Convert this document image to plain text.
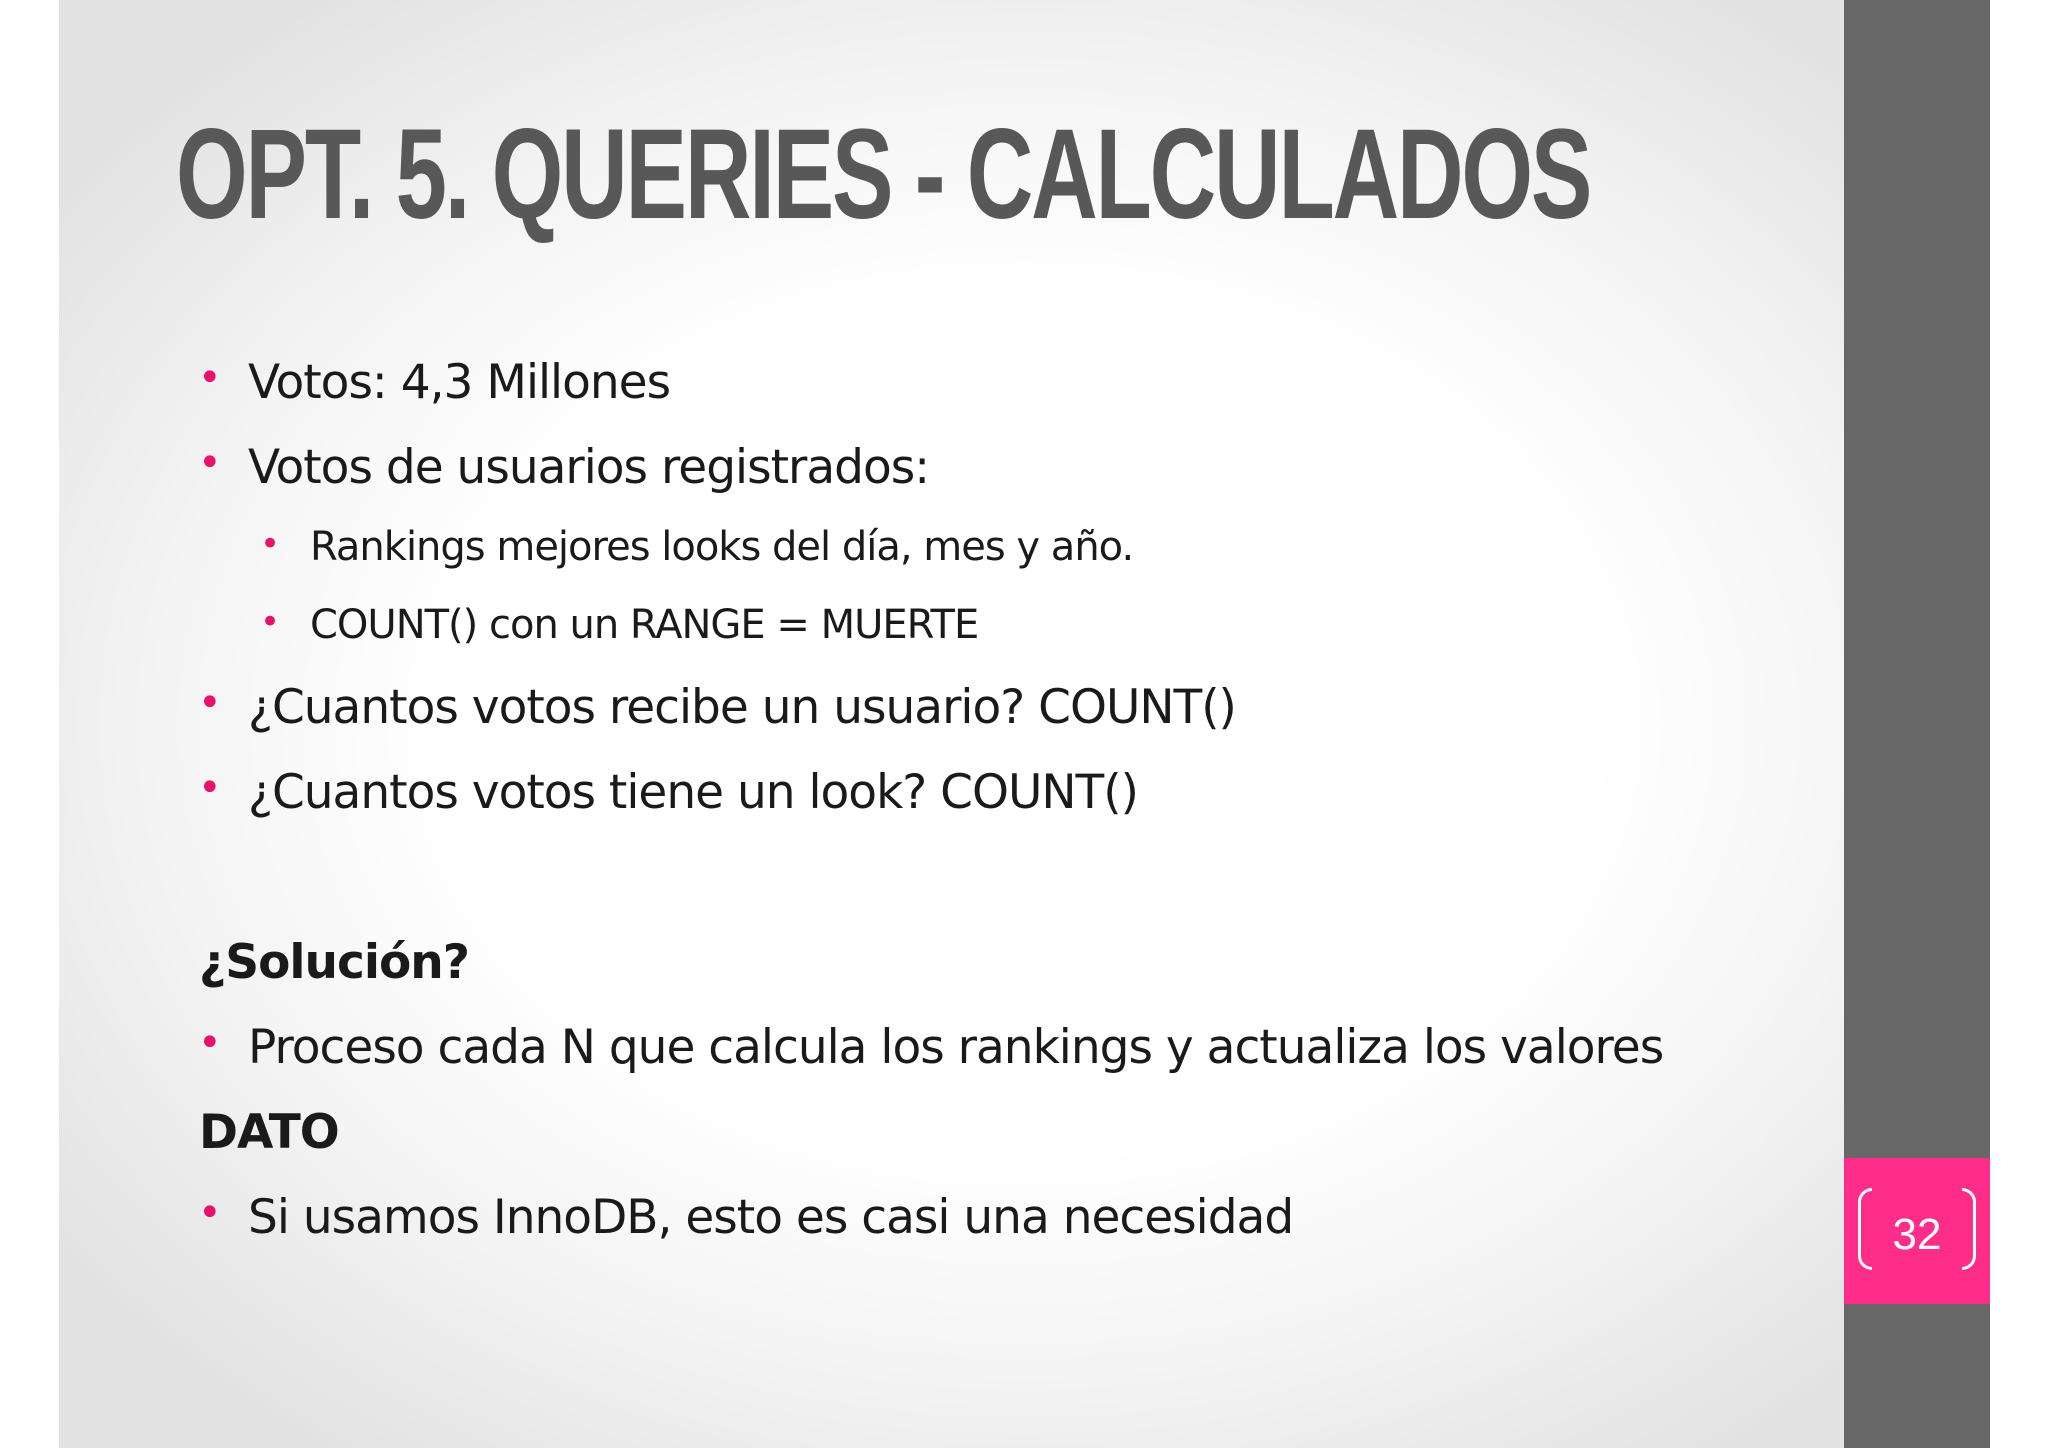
32
OPT. 5. QUERIES - CALCULADOS
• Votos: 4,3 Millones
• Votos de usuarios registrados:
• Rankings mejores looks del día, mes y año.
• COUNT() con un RANGE = MUERTE
• ¿Cuantos votos recibe un usuario? COUNT()
• ¿Cuantos votos tiene un look? COUNT()
¿Solución?
• Proceso cada N que calcula los rankings y actualiza los valores
DATO
• Si usamos InnoDB, esto es casi una necesidad
